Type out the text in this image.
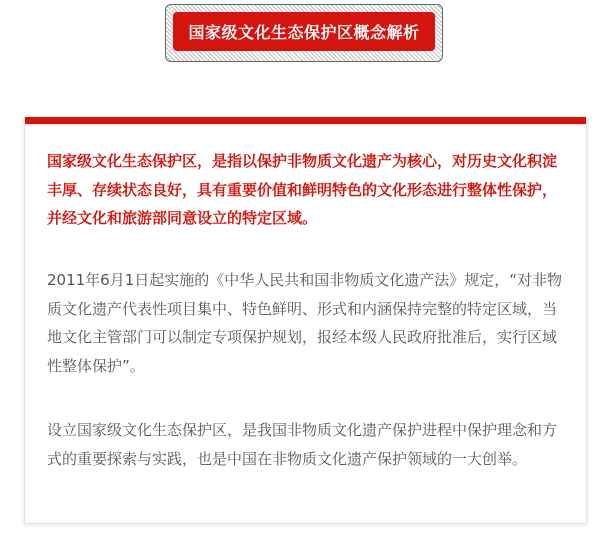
国家级文化生态保护区概念解析

国家级文化生态保护区，是指以保护非物质文化遗产为核心，对历史文化积淀丰厚、存续状态良好，具有重要价值和鲜明特色的文化形态进行整体性保护，并经文化和旅游部同意设立的特定区域。

2011年6月1日起实施的《中华人民共和国非物质文化遗产法》规定，“对非物质文化遗产代表性项目集中、特色鲜明、形式和内涵保持完整的特定区域，当地文化主管部门可以制定专项保护规划，报经本级人民政府批准后，实行区域性整体保护”。

设立国家级文化生态保护区，是我国非物质文化遗产保护进程中保护理念和方式的重要探索与实践，也是中国在非物质文化遗产保护领域的一大创举。
